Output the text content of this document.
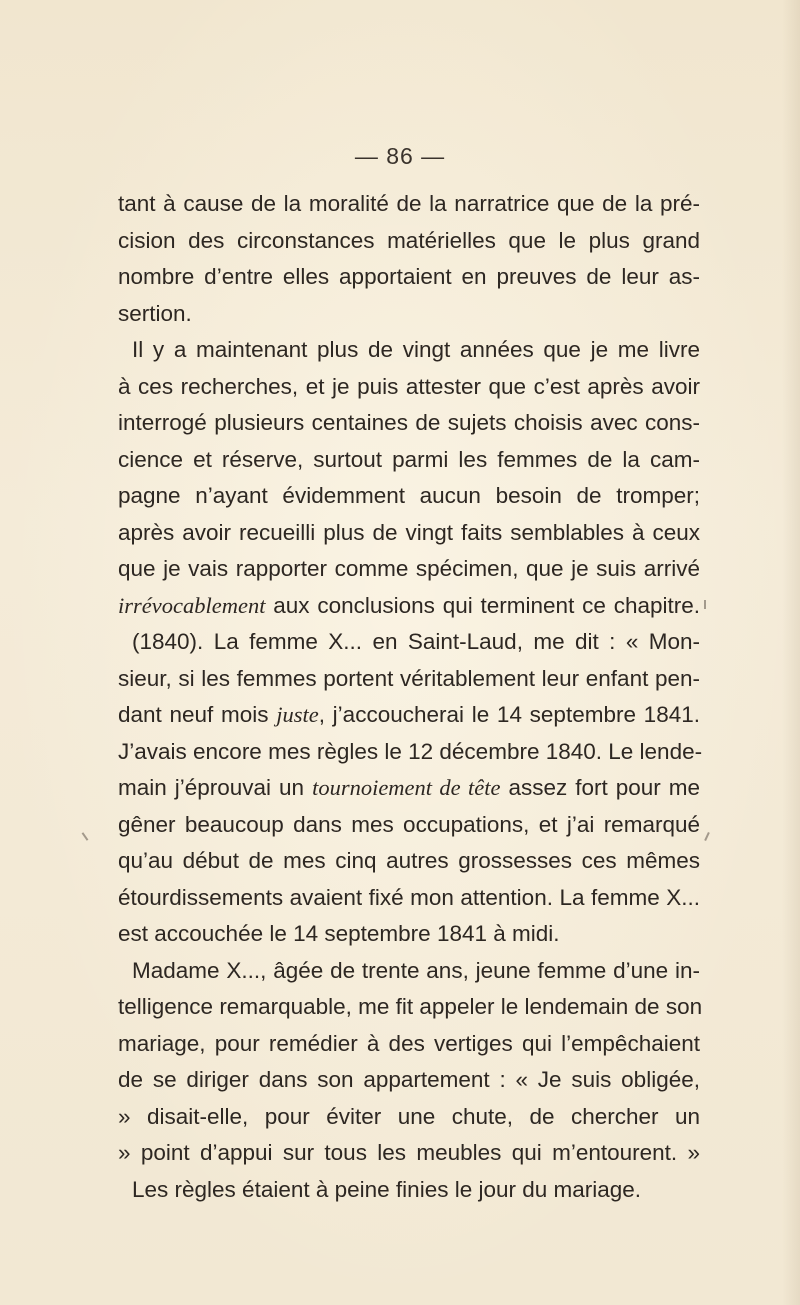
— 86 —
tant à cause de la moralité de la narratrice que de la pré-
cision des circonstances matérielles que le plus grand
nombre d’entre elles apportaient en preuves de leur as-
sertion.
Il y a maintenant plus de vingt années que je me livre
à ces recherches, et je puis attester que c’est après avoir
interrogé plusieurs centaines de sujets choisis avec cons-
cience et réserve, surtout parmi les femmes de la cam-
pagne n’ayant évidemment aucun besoin de tromper;
après avoir recueilli plus de vingt faits semblables à ceux
que je vais rapporter comme spécimen, que je suis arrivé
irrévocablement aux conclusions qui terminent ce chapitre.
(1840). La femme X... en Saint-Laud, me dit : « Mon-
sieur, si les femmes portent véritablement leur enfant pen-
dant neuf mois juste, j’accoucherai le 14 septembre 1841.
J’avais encore mes règles le 12 décembre 1840. Le lende-
main j’éprouvai un tournoiement de tête assez fort pour me
gêner beaucoup dans mes occupations, et j’ai remarqué
qu’au début de mes cinq autres grossesses ces mêmes
étourdissements avaient fixé mon attention. La femme X...
est accouchée le 14 septembre 1841 à midi.
Madame X..., âgée de trente ans, jeune femme d’une in-
telligence remarquable, me fit appeler le lendemain de son
mariage, pour remédier à des vertiges qui l’empêchaient
de se diriger dans son appartement : « Je suis obligée,
» disait-elle, pour éviter une chute, de chercher un
» point d’appui sur tous les meubles qui m’entourent. »
Les règles étaient à peine finies le jour du mariage.
